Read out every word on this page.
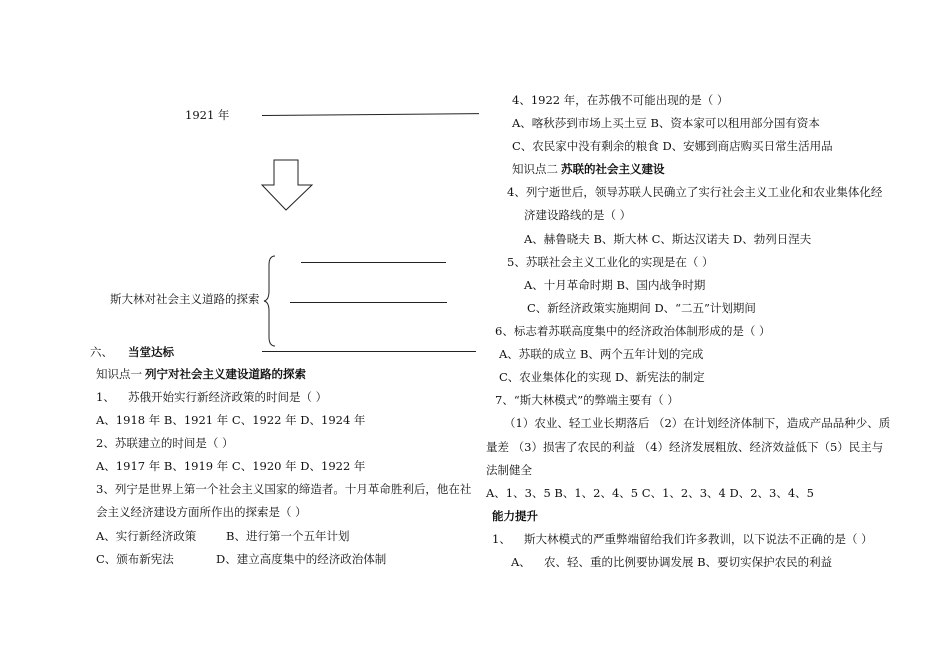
1921 年
斯大林对社会主义道路的探索
六、 当堂达标
知识点一 列宁对社会主义建设道路的探索
1、 苏俄开始实行新经济政策的时间是（ ）
A、1918 年 B、1921 年 C、1922 年 D、1924 年
2、苏联建立的时间是（ ）
A、1917 年 B、1919 年 C、1920 年 D、1922 年
3、列宁是世界上第一个社会主义国家的缔造者。十月革命胜利后，他在社
会主义经济建设方面所作出的探索是（ ）
A、实行新经济政策	B、进行第一个五年计划
C、颁布新宪法	D、建立高度集中的经济政治体制
4、1922 年，在苏俄不可能出现的是（ ）
A、喀秋莎到市场上买土豆 B、资本家可以租用部分国有资本
C、农民家中没有剩余的粮食 D、安娜到商店购买日常生活用品
知识点二 苏联的社会主义建设
4、列宁逝世后，领导苏联人民确立了实行社会主义工业化和农业集体化经
济建设路线的是（ ）
A、赫鲁晓夫 B、斯大林 C、斯达汉诺夫 D、勃列日涅夫
5、苏联社会主义工业化的实现是在（ ）
A、十月革命时期 B、国内战争时期
C、新经济政策实施期间 D、“二五”计划期间
6、标志着苏联高度集中的经济政治体制形成的是（ ）
A、苏联的成立 B、两个五年计划的完成
C、农业集体化的实现 D、新宪法的制定
7、“斯大林模式”的弊端主要有（ ）
（1）农业、轻工业长期落后 （2）在计划经济体制下，造成产品品种少、质
量差 （3）损害了农民的利益 （4）经济发展粗放、经济效益低下（5）民主与
法制健全
A、1、3、5 B、1、2、4、5 C、1、2、3、4 D、2、3、4、5
能力提升
1、 斯大林模式的严重弊端留给我们许多教训，以下说法不正确的是（ ）
A、 农、轻、重的比例要协调发展 B、要切实保护农民的利益
